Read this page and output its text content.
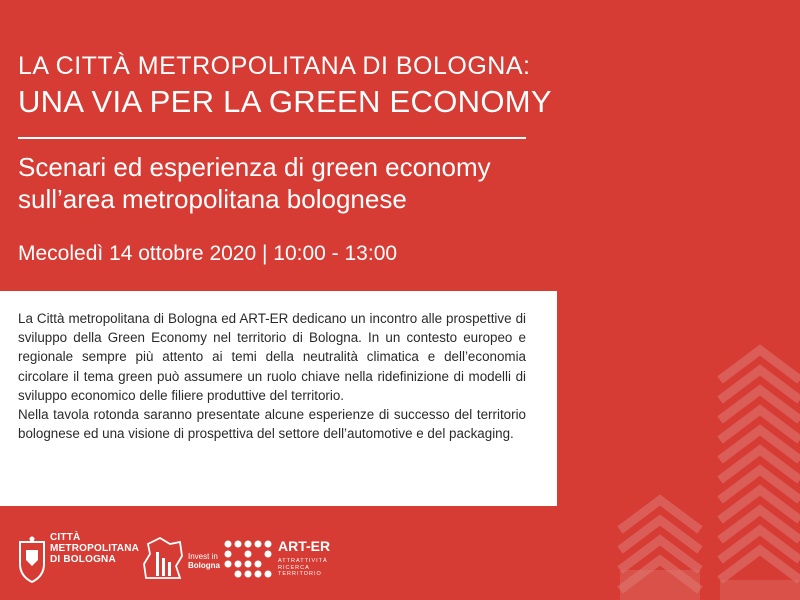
LA CITTÀ METROPOLITANA DI BOLOGNA:
UNA VIA PER LA GREEN ECONOMY
Scenari ed esperienza di green economy
sull’area metropolitana bolognese
Mecoledì 14 ottobre 2020 | 10:00 - 13:00

La Città metropolitana di Bologna ed ART-ER dedicano un incontro alle prospettive di sviluppo della Green Economy nel territorio di Bologna. In un contesto europeo e regionale sempre più attento ai temi della neutralità climatica e dell’economia circolare il tema green può assumere un ruolo chiave nella ridefinizione di modelli di sviluppo economico delle filiere produttive del territorio.
Nella tavola rotonda saranno presentate alcune esperienze di successo del territorio bolognese ed una visione di prospettiva del settore dell’automotive e del packaging.

CITTÀ
METROPOLITANA
DI BOLOGNA	Invest in
Bologna
ART-ER
ATTRATTIVITÀ
RICERCA
TERRITORIO
